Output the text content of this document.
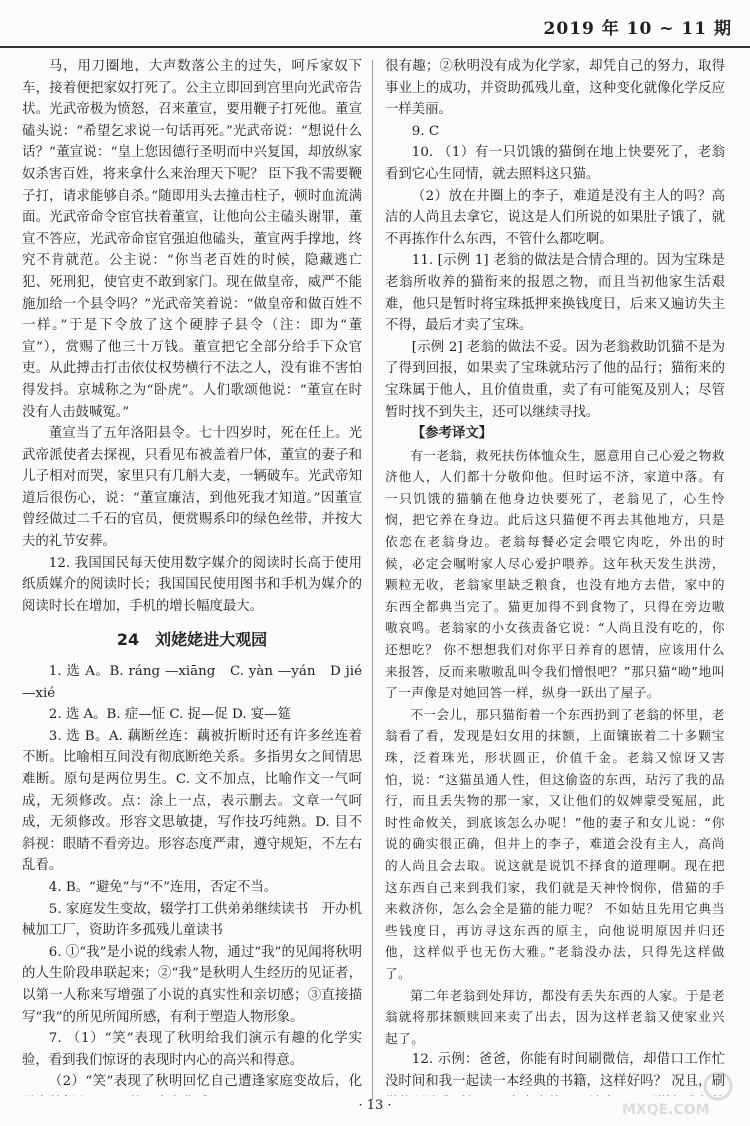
2019 年 10 ~ 11 期

马，用刀圈地，大声数落公主的过失，呵斥家奴下车，接着便把家奴打死了。公主立即回到宫里向光武帝告状。光武帝极为愤怒，召来董宣，要用鞭子打死他。董宣磕头说：“希望乞求说一句话再死。”光武帝说：“想说什么话？”董宣说：“皇上您因德行圣明而中兴复国，却放纵家奴杀害百姓，将来拿什么来治理天下呢？ 臣下我不需要鞭子打，请求能够自杀。”随即用头去撞击柱子，顿时血流满面。光武帝命令宦官扶着董宣，让他向公主磕头谢罪，董宣不答应，光武帝命宦官强迫他磕头，董宣两手撑地，终究不肯就范。公主说：“你当老百姓的时候，隐藏逃亡犯、死刑犯，使官吏不敢到家门。现在做皇帝，威严不能施加给一个县令吗？”光武帝笑着说：“做皇帝和做百姓不一样。”于是下令放了这个硬脖子县令（注：即为“董宣”），赏赐了他三十万钱。董宣把它全部分给手下众官吏。从此搏击打击依仗权势横行不法之人，没有谁不害怕得发抖。京城称之为“卧虎”。人们歌颂他说：“董宣在时没有人击鼓喊冤。”

董宣当了五年洛阳县令。七十四岁时，死在任上。光武帝派使者去探视，只看见布被盖着尸体，董宣的妻子和儿子相对而哭，家里只有几斛大麦，一辆破车。光武帝知道后很伤心，说：“董宣廉洁，到他死我才知道。”因董宣曾经做过二千石的官员，便赏赐系印的绿色丝带，并按大夫的礼节安葬。

12. 我国国民每天使用数字媒介的阅读时长高于使用纸质媒介的阅读时长；我国国民使用图书和手机为媒介的阅读时长在增加，手机的增长幅度最大。

24　刘姥姥进大观园

1. 选 A。B. ráng —xiāng　C. yàn —yán　D jié —xié

2. 选 A。B. 症—怔 C. 捉—促 D. 宴—筵

3. 选 B。A. 藕断丝连：藕被折断时还有许多丝连着不断。比喻相互间没有彻底断绝关系。多指男女之间情思难断。原句是两位男生。C. 文不加点，比喻作文一气呵成，无须修改。点：涂上一点，表示删去。文章一气呵成，无须修改。形容文思敏捷，写作技巧纯熟。D. 目不斜视：眼睛不看旁边。形容态度严肃，遵守规矩，不左右乱看。

4. B。“避免”与“不”连用，否定不当。

5. 家庭发生变故，辍学打工供弟弟继续读书　开办机械加工厂，资助许多孤残儿童读书

6. ①“我”是小说的线索人物，通过“我”的见闻将秋明的人生阶段串联起来；②“我”是秋明人生经历的见证者，以第一人称来写增强了小说的真实性和亲切感；③直接描写“我”的所见所闻所感，有利于塑造人物形象。

7. （1）“笑”表现了秋明给我们演示有趣的化学实验，看到我们惊讶的表现时内心的高兴和得意。

（2）“笑”表现了秋明回忆自己遭逢家庭变故后，化

很有趣；②秋明没有成为化学家，却凭自己的努力，取得事业上的成功，并资助孤残儿童，这种变化就像化学反应一样美丽。

9. C

10. （1）有一只饥饿的猫倒在地上快要死了，老翁看到它心生同情，就去照料这只猫。

（2）放在井圈上的李子，难道是没有主人的吗？高洁的人尚且去拿它，说这是人们所说的如果肚子饿了，就不再拣作什么东西，不管什么都吃啊。

11. [示例 1] 老翁的做法是合情合理的。因为宝珠是老翁所收养的猫衔来的报恩之物，而且当初他家生活艰难，他只是暂时将宝珠抵押来换钱度日，后来又遍访失主不得，最后才卖了宝珠。

[示例 2] 老翁的做法不妥。因为老翁救助饥猫不是为了得到回报，如果卖了宝珠就玷污了他的品行；猫衔来的宝珠属于他人，且价值贵重，卖了有可能冤及别人；尽管暂时找不到失主，还可以继续寻找。

【参考译文】

有一老翁，救死扶伤体恤众生，愿意用自己心爱之物救济他人，人们都十分敬仰他。但时运不济，家道中落。有一只饥饿的猫躺在他身边快要死了，老翁见了，心生怜悯，把它养在身边。此后这只猫便不再去其他地方，只是依恋在老翁身边。老翁每餐必定会喂它肉吃，外出的时候，必定会嘱咐家人尽心爱护喂养。这年秋天发生洪涝，颗粒无收，老翁家里缺乏粮食，也没有地方去借，家中的东西全都典当完了。猫更加得不到食物了，只得在旁边嗷嗷哀鸣。老翁家的小女孩责备它说：“人尚且没有吃的，你还想吃？ 你不想想我们对你平日养育的恩情，应该用什么来报答，反而来嗷嗷乱叫令我们憎恨吧？”那只猫“呦”地叫了一声像是对她回答一样，纵身一跃出了屋子。

不一会儿，那只猫衔着一个东西扔到了老翁的怀里，老翁看了看，发现是妇女用的抹额，上面镶嵌着二十多颗宝珠，泛着珠光，形状圆正，价值千金。老翁又惊讶又害怕，说：“这猫虽通人性，但这偷盗的东西，玷污了我的品行，而且丢失物的那一家，又让他们的奴婢蒙受冤屈，此时性命攸关，到底该怎么办呢！”他的妻子和女儿说：“你说的确实很正确，但井上的李子，难道会没有主人，高尚的人尚且会去取。说这就是说饥不择食的道理啊。现在把这东西自己来到我们家，我们就是天神怜悯你，借猫的手来救济你，怎么会全是猫的能力呢？ 不如姑且先用它典当些钱度日，再访寻这东西的原主，向他说明原因并归还他，这样似乎也无伤大雅。”老翁没办法，只得先这样做了。

第二年老翁到处拜访，都没有丢失东西的人家。于是老翁就将那抹额赎回来卖了出去，因为这样老翁又使家业兴起了。

12. 示例：爸爸，你能有时间刷微信，却借口工作忙没时间和我一起读一本经典的书籍，这样好吗？ 况且，刷

· 13 ·	MXQE.COM
